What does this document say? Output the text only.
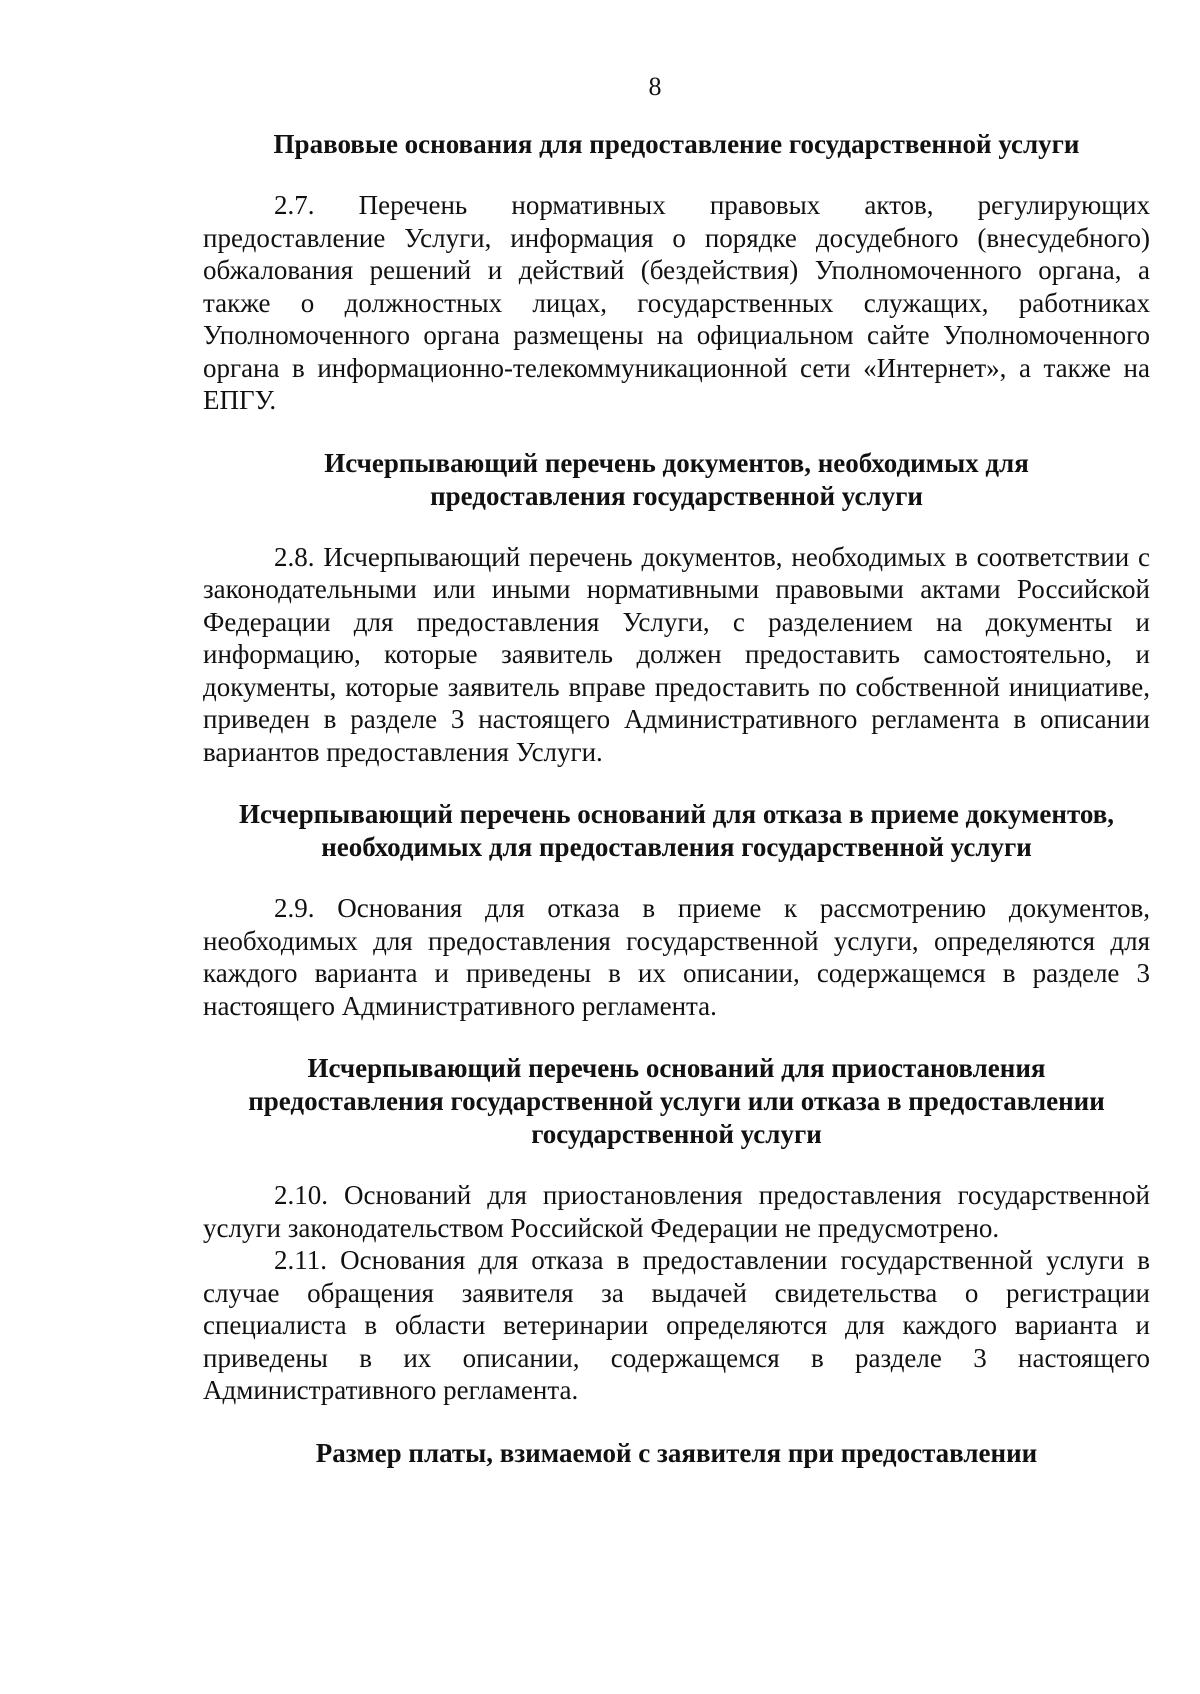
8
Правовые основания для предоставление государственной услуги

2.7. Перечень нормативных правовых актов, регулирующих предоставление Услуги, информация о порядке досудебного (внесудебного) обжалования решений и действий (бездействия) Уполномоченного органа, а также о должностных лицах, государственных служащих, работниках Уполномоченного органа размещены на официальном сайте Уполномоченного органа в информационно-телекоммуникационной сети «Интернет», а также на ЕПГУ.

Исчерпывающий перечень документов, необходимых для
предоставления государственной услуги

2.8. Исчерпывающий перечень документов, необходимых в соответствии с законодательными или иными нормативными правовыми актами Российской Федерации для предоставления Услуги, с разделением на документы и информацию, которые заявитель должен предоставить самостоятельно, и документы, которые заявитель вправе предоставить по собственной инициативе, приведен в разделе 3 настоящего Административного регламента в описании вариантов предоставления Услуги.

Исчерпывающий перечень оснований для отказа в приеме документов,
необходимых для предоставления государственной услуги

2.9. Основания для отказа в приеме к рассмотрению документов, необходимых для предоставления государственной услуги, определяются для каждого варианта и приведены в их описании, содержащемся в разделе 3 настоящего Административного регламента.

Исчерпывающий перечень оснований для приостановления
предоставления государственной услуги или отказа в предоставлении
государственной услуги

2.10. Оснований для приостановления предоставления государственной услуги законодательством Российской Федерации не предусмотрено.

2.11. Основания для отказа в предоставлении государственной услуги в случае обращения заявителя за выдачей свидетельства о регистрации специалиста в области ветеринарии определяются для каждого варианта и приведены в их описании, содержащемся в разделе 3 настоящего Административного регламента.

Размер платы, взимаемой с заявителя при предоставлении
